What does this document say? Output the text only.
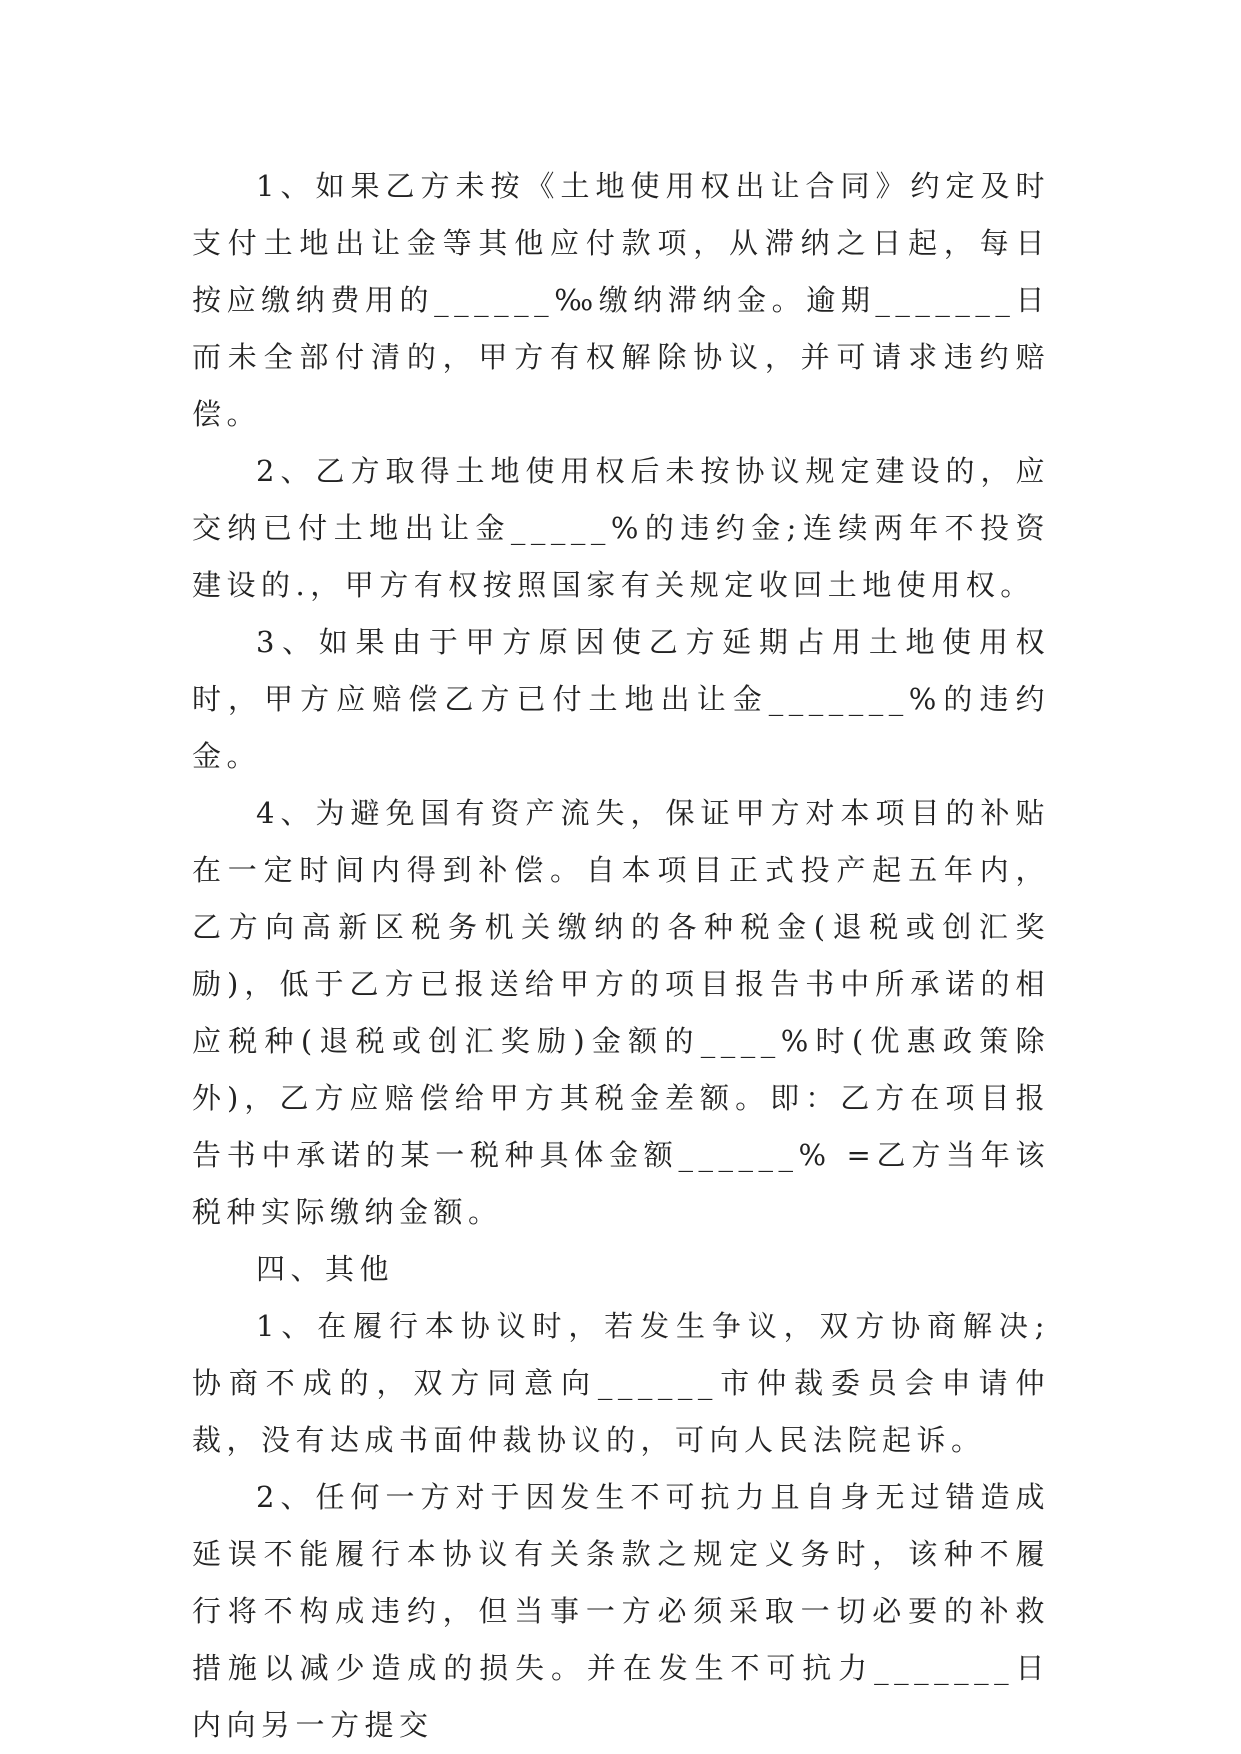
1、如果乙方未按《土地使用权出让合同》约定及时支付土地出让金等其他应付款项，从滞纳之日起，每日按应缴纳费用的______‰缴纳滞纳金。逾期_______日而未全部付清的，甲方有权解除协议，并可请求违约赔偿。

2、乙方取得土地使用权后未按协议规定建设的，应交纳已付土地出让金_____%的违约金;连续两年不投资建设的.，甲方有权按照国家有关规定收回土地使用权。

3、如果由于甲方原因使乙方延期占用土地使用权时，甲方应赔偿乙方已付土地出让金_______%的违约金。

4、为避免国有资产流失，保证甲方对本项目的补贴在一定时间内得到补偿。自本项目正式投产起五年内，乙方向高新区税务机关缴纳的各种税金(退税或创汇奖励)，低于乙方已报送给甲方的项目报告书中所承诺的相应税种(退税或创汇奖励)金额的____%时(优惠政策除外)，乙方应赔偿给甲方其税金差额。即：乙方在项目报告书中承诺的某一税种具体金额______% =乙方当年该税种实际缴纳金额。

四、其他

1、在履行本协议时，若发生争议，双方协商解决;协商不成的，双方同意向______市仲裁委员会申请仲裁，没有达成书面仲裁协议的，可向人民法院起诉。

2、任何一方对于因发生不可抗力且自身无过错造成延误不能履行本协议有关条款之规定义务时，该种不履行将不构成违约，但当事一方必须采取一切必要的补救措施以减少造成的损失。并在发生不可抗力_______日内向另一方提交
